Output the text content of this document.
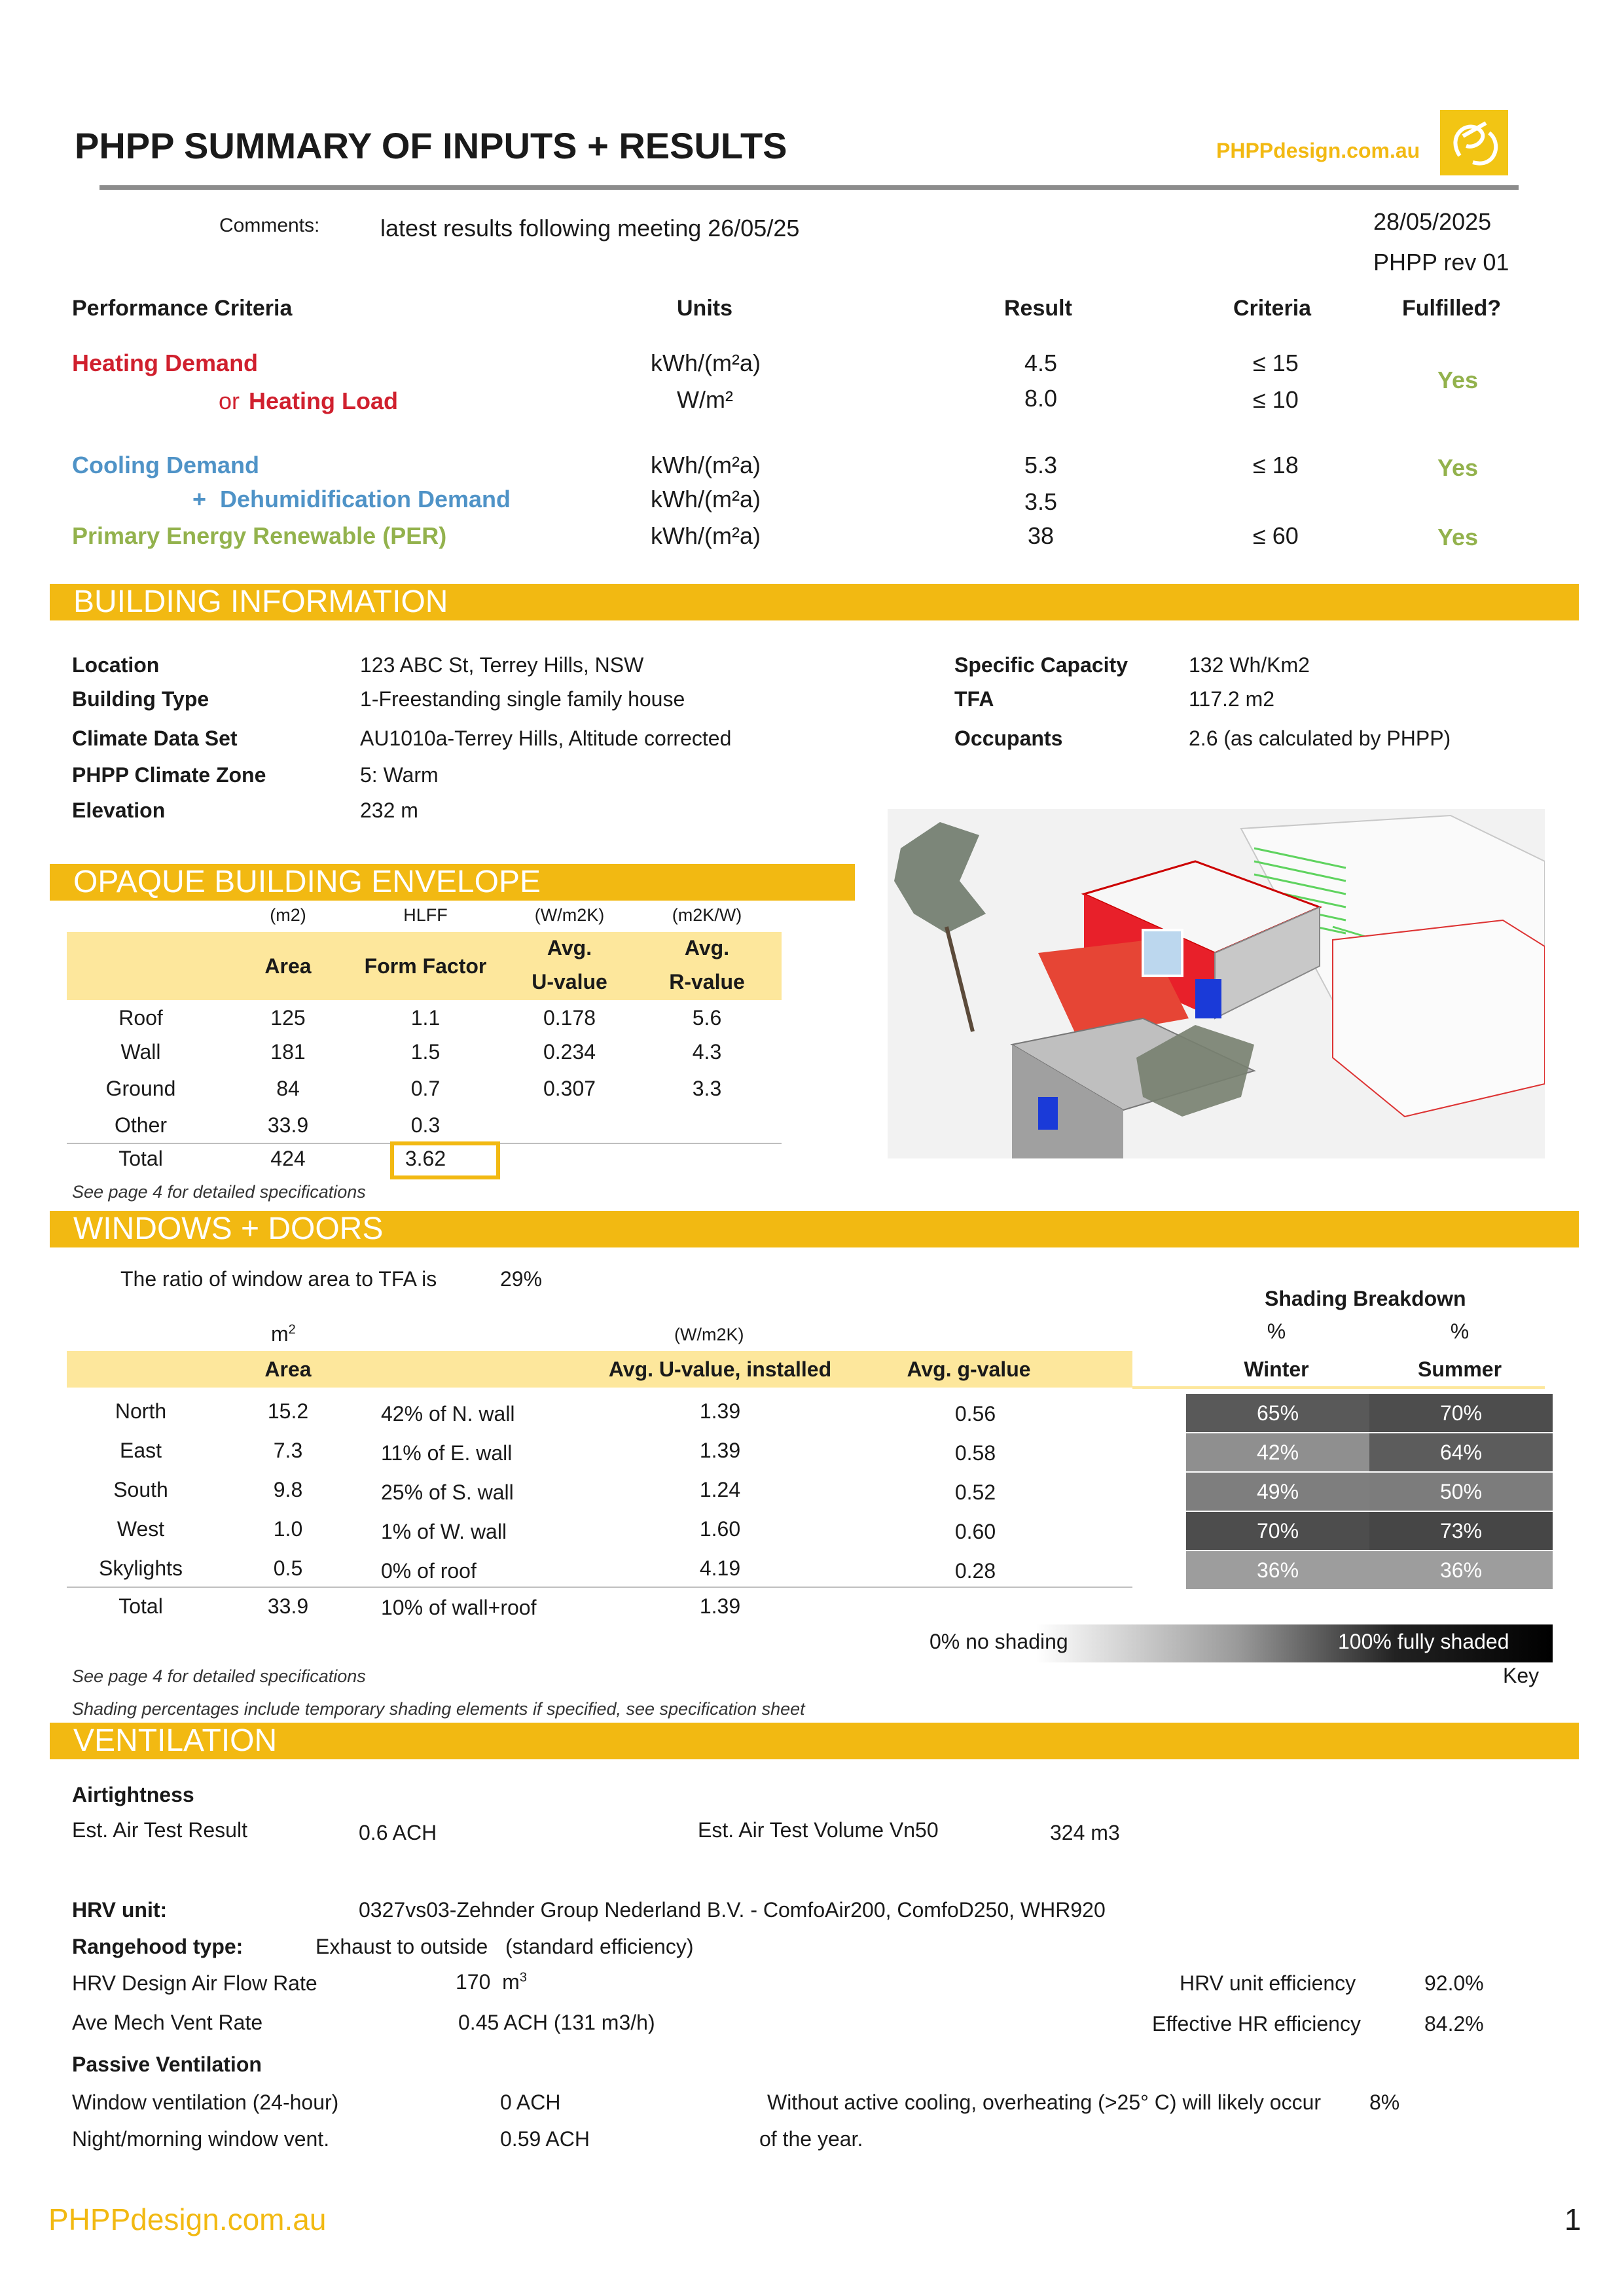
PHPP SUMMARY OF INPUTS + RESULTS	PHPPdesign.com.au
Comments:	latest results following meeting 26/05/25	28/05/2025
PHPP rev 01
Performance Criteria	Units	Result	Criteria	Fulfilled?
Heating Demand	kWh/(m²a)	4.5	≤ 15
or Heating Load	W/m²	8.0	≤ 10
Yes
Cooling Demand	kWh/(m²a)	5.3	≤ 18	Yes
+ Dehumidification Demand	kWh/(m²a)	3.5
Primary Energy Renewable (PER)	kWh/(m²a)	38	≤ 60	Yes
BUILDING INFORMATION
Location	123 ABC St, Terrey Hills, NSW
Building Type	1-Freestanding single family house
Climate Data Set	AU1010a-Terrey Hills, Altitude corrected
PHPP Climate Zone	5: Warm
Elevation	232 m
Specific Capacity	132 Wh/Km2
TFA	117.2 m2
Occupants	2.6 (as calculated by PHPP)
OPAQUE BUILDING ENVELOPE
(m2)	HLFF	(W/m2K)	(m2K/W)
Area	Form Factor
Avg.
U-value
Avg.
R-value
Roof	125	1.1	0.178	5.6
Wall	181	1.5	0.234	4.3
Ground	84	0.7	0.307	3.3
Other	33.9	0.3
Total	424	3.62
See page 4 for detailed specifications
WINDOWS + DOORS
The ratio of window area to TFA is	29%
$m^2$	(W/m2K)
Shading Breakdown
%	%
Area	Avg. U-value, installed	Avg. g-value	Winter	Summer
North	15.2	42% of N. wall	1.39	0.56	65%	70%
East	7.3	11% of E. wall	1.39	0.58	42%	64%
South	9.8	25% of S. wall	1.24	0.52	49%	50%
West	1.0	1% of W. wall	1.60	0.60	70%	73%
Skylights	0.5	0% of roof	4.19	0.28	36%	36%
Total	33.9	10% of wall+roof	1.39
0% no shading	100% fully shaded
Key
See page 4 for detailed specifications
Shading percentages include temporary shading elements if specified, see specification sheet
VENTILATION
Airtightness
Est. Air Test Result	0.6 ACH	Est. Air Test Volume Vn50	324 m3
HRV unit:	0327vs03-Zehnder Group Nederland B.V. - ComfoAir200, ComfoD250, WHR920
Rangehood type:	Exhaust to outside   (standard efficiency)
HRV Design Air Flow Rate	170  $m^3$	HRV unit efficiency	92.0%
Ave Mech Vent Rate	0.45 ACH (131 m3/h)	Effective HR efficiency	84.2%
Passive Ventilation
Window ventilation (24-hour)	0 ACH	Without active cooling, overheating (>25° C) will likely occur 8%
Night/morning window vent.	0.59 ACH	of the year.
PHPPdesign.com.au	1
